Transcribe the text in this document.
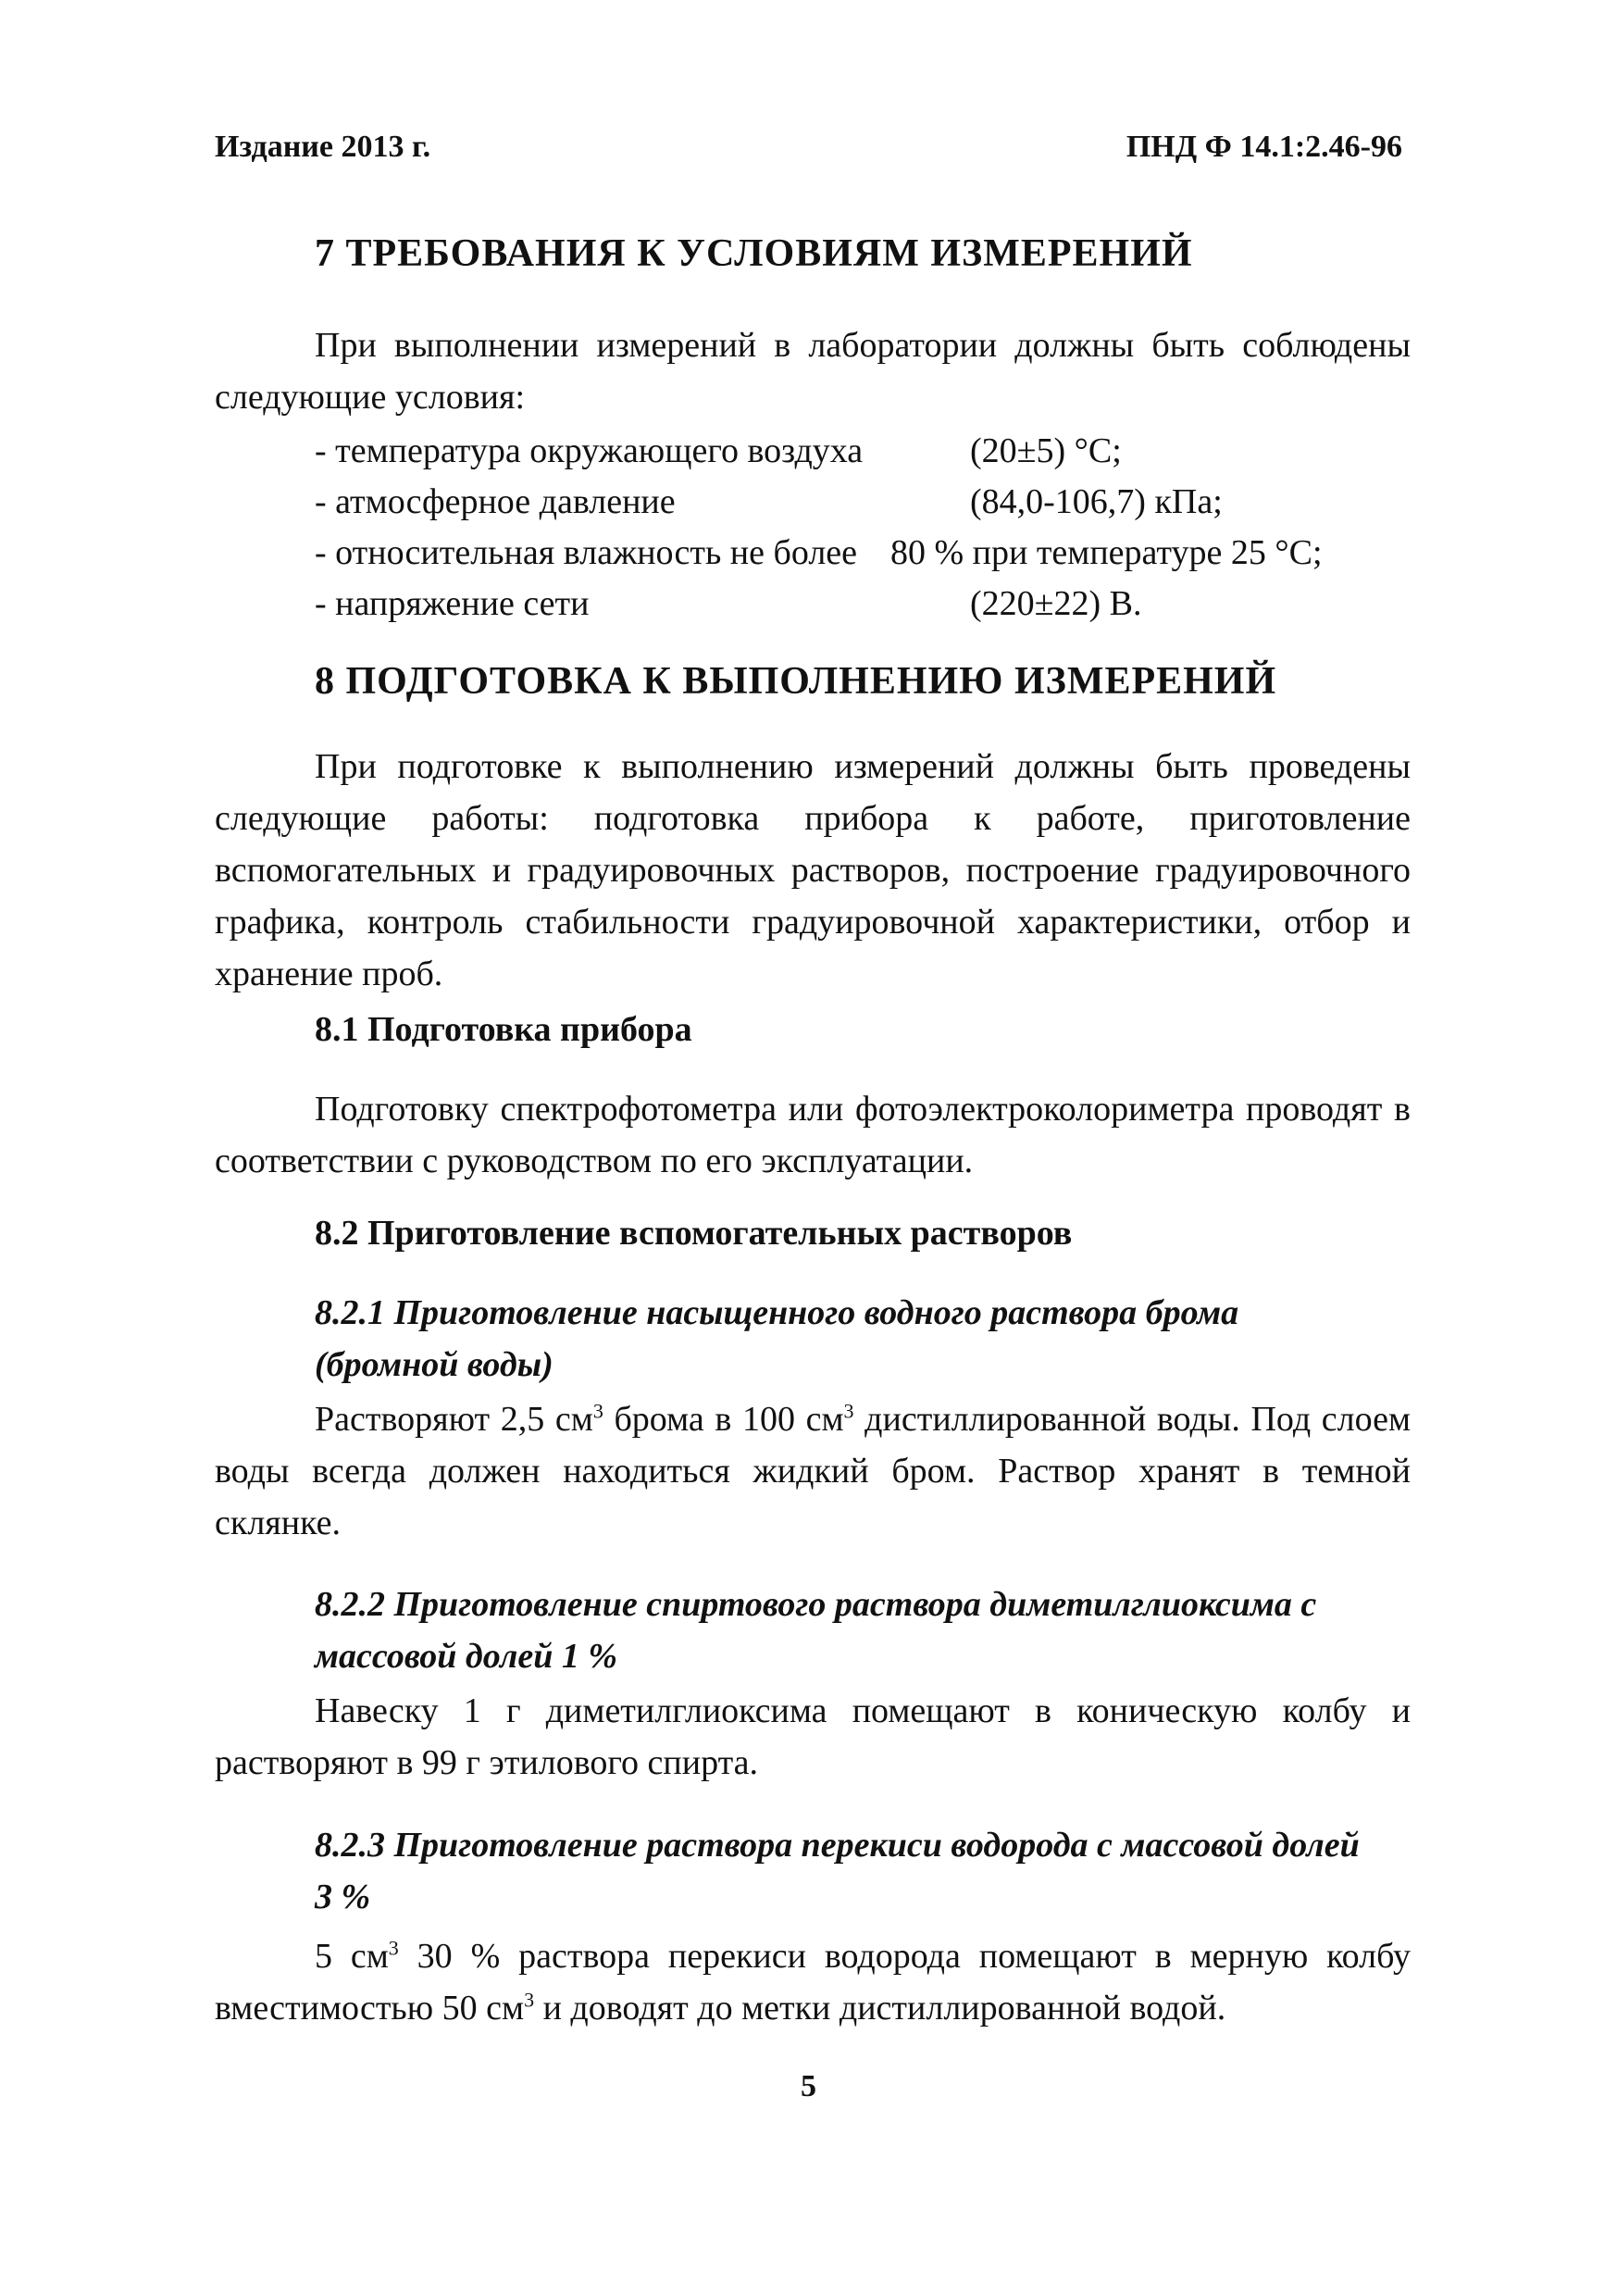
Издание 2013 г.	ПНД Ф 14.1:2.46-96
7 ТРЕБОВАНИЯ К УСЛОВИЯМ ИЗМЕРЕНИЙ
При выполнении измерений в лаборатории должны быть соблюдены следующие условия:
- температура окружающего воздуха	(20±5) °С;
- атмосферное давление	(84,0-106,7) кПа;
- относительная влажность не более 80 % при температуре 25 °С;
- напряжение сети	(220±22) В.
8 ПОДГОТОВКА К ВЫПОЛНЕНИЮ ИЗМЕРЕНИЙ
При подготовке к выполнению измерений должны быть проведены следующие работы: подготовка прибора к работе, приготовление вспомогательных и градуировочных растворов, построение градуировочного графика, контроль стабильности градуировочной характеристики, отбор и хранение проб.
8.1 Подготовка прибора
Подготовку спектрофотометра или фотоэлектроколориметра проводят в соответствии с руководством по его эксплуатации.
8.2 Приготовление вспомогательных растворов
8.2.1 Приготовление насыщенного водного раствора брома (бромной воды)
Растворяют 2,5 $см^3$ брома в 100 $см^3$ дистиллированной воды. Под слоем воды всегда должен находиться жидкий бром. Раствор хранят в темной склянке.
8.2.2 Приготовление спиртового раствора диметилглиоксима с массовой долей 1 %
Навеску 1 г диметилглиоксима помещают в коническую колбу и растворяют в 99 г этилового спирта.
8.2.3 Приготовление раствора перекиси водорода с массовой долей 3 %
5 $см^3$ 30 % раствора перекиси водорода помещают в мерную колбу вместимостью 50 $см^3$ и доводят до метки дистиллированной водой.
5
